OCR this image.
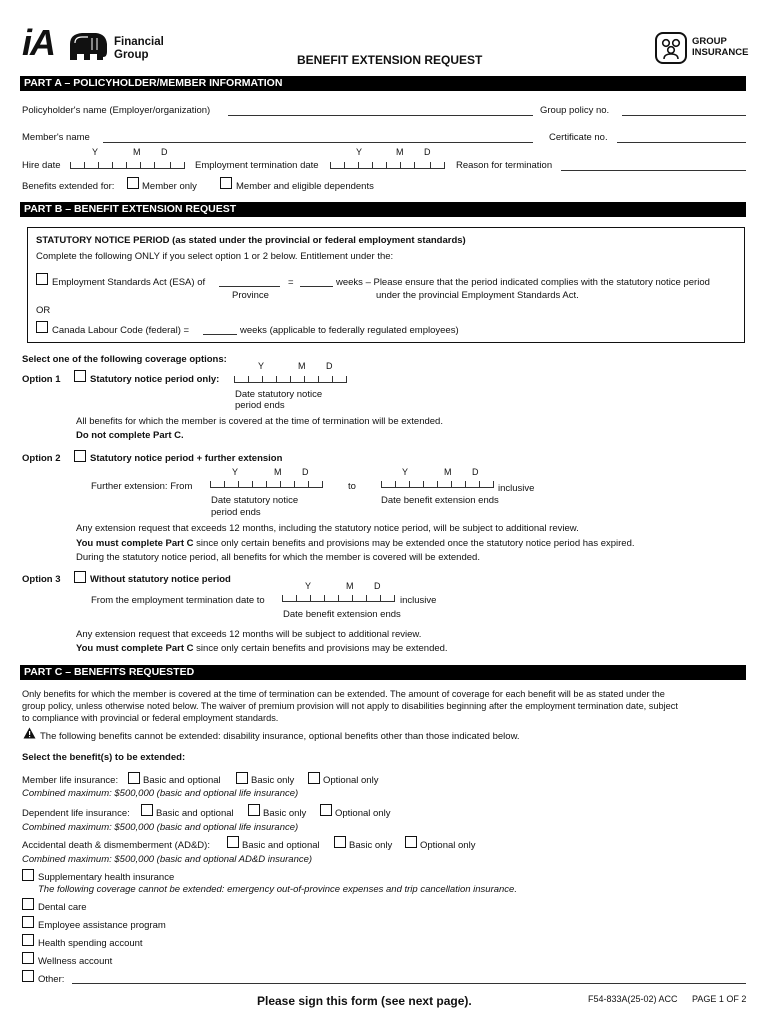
iA	Financial
Group	BENEFIT EXTENSION REQUEST
GROUP
INSURANCE
PART A – POLICYHOLDER/MEMBER INFORMATION
Policyholder's name (Employer/organization)	Group policy no.
Member's name	Certificate no.
Y	M D
Hire date
Y	M D
Employment termination date	Reason for termination
Benefits extended for:	Member only	Member and eligible dependents
PART B – BENEFIT EXTENSION REQUEST
STATUTORY NOTICE PERIOD (as stated under the provincial or federal employment standards)
Complete the following ONLY if you select option 1 or 2 below. Entitlement under the:
Employment Standards Act (ESA) of	=	weeks – Please ensure that the period indicated complies with the statutory notice period
Province	under the provincial Employment Standards Act.
OR
Canada Labour Code (federal) =	weeks (applicable to federally regulated employees)
Select one of the following coverage options:
Y	M D
Option 1	Statutory notice period only:
Date statutory notice
period ends
All benefits for which the member is covered at the time of termination will be extended.
Do not complete Part C.
Option 2	Statutory notice period + further extension
Y	M D	Y	M D
Further extension: From	to	inclusive
Date statutory notice
period ends
Date benefit extension ends
Any extension request that exceeds 12 months, including the statutory notice period, will be subject to additional review.
You must complete Part C since only certain benefits and provisions may be extended once the statutory notice period has expired.
During the statutory notice period, all benefits for which the member is covered will be extended.
Option 3	Without statutory notice period
Y	M D
From the employment termination date to	inclusive
Date benefit extension ends
Any extension request that exceeds 12 months will be subject to additional review.
You must complete Part C since only certain benefits and provisions may be extended.
PART C – BENEFITS REQUESTED
Only benefits for which the member is covered at the time of termination can be extended. The amount of coverage for each benefit will be as stated under the
group policy, unless otherwise noted below. The waiver of premium provision will not apply to disabilities beginning after the employment termination date, subject
to compliance with provincial or federal employment standards.
The following benefits cannot be extended: disability insurance, optional benefits other than those indicated below.
Select the benefit(s) to be extended:
Member life insurance:	Basic and optional	Basic only	Optional only
Combined maximum: $500,000 (basic and optional life insurance)
Dependent life insurance:	Basic and optional	Basic only	Optional only
Combined maximum: $500,000 (basic and optional life insurance)
Accidental death & dismemberment (AD&D):	Basic and optional	Basic only	Optional only
Combined maximum: $500,000 (basic and optional AD&D insurance)
Supplementary health insurance
The following coverage cannot be extended: emergency out-of-province expenses and trip cancellation insurance.
Dental care
Employee assistance program
Health spending account
Wellness account
Other:
Please sign this form (see next page).	F54-833A(25-02) ACC PAGE 1 OF 2
